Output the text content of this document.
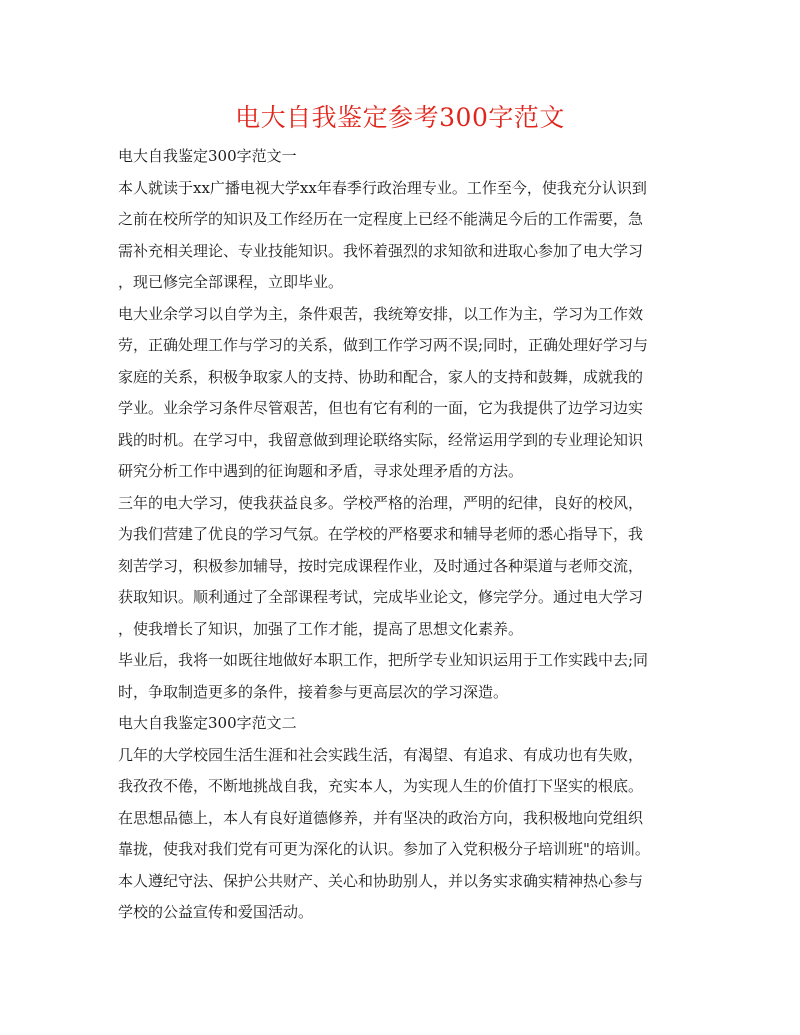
电大自我鉴定参考300字范文
电大自我鉴定300字范文一
本人就读于xx广播电视大学xx年春季行政治理专业。工作至今，使我充分认识到
之前在校所学的知识及工作经历在一定程度上已经不能满足今后的工作需要，急
需补充相关理论、专业技能知识。我怀着强烈的求知欲和进取心参加了电大学习
，现已修完全部课程，立即毕业。
电大业余学习以自学为主，条件艰苦，我统筹安排，以工作为主，学习为工作效
劳，正确处理工作与学习的关系，做到工作学习两不误;同时，正确处理好学习与
家庭的关系，积极争取家人的支持、协助和配合，家人的支持和鼓舞，成就我的
学业。业余学习条件尽管艰苦，但也有它有利的一面，它为我提供了边学习边实
践的时机。在学习中，我留意做到理论联络实际，经常运用学到的专业理论知识
研究分析工作中遇到的征询题和矛盾，寻求处理矛盾的方法。
三年的电大学习，使我获益良多。学校严格的治理，严明的纪律，良好的校风，
为我们营建了优良的学习气氛。在学校的严格要求和辅导老师的悉心指导下，我
刻苦学习，积极参加辅导，按时完成课程作业，及时通过各种渠道与老师交流，
获取知识。顺利通过了全部课程考试，完成毕业论文，修完学分。通过电大学习
，使我增长了知识，加强了工作才能，提高了思想文化素养。
毕业后，我将一如既往地做好本职工作，把所学专业知识运用于工作实践中去;同
时，争取制造更多的条件，接着参与更高层次的学习深造。
电大自我鉴定300字范文二
几年的大学校园生活生涯和社会实践生活，有渴望、有追求、有成功也有失败，
我孜孜不倦，不断地挑战自我，充实本人，为实现人生的价值打下坚实的根底。
在思想品德上，本人有良好道德修养，并有坚决的政治方向，我积极地向党组织
靠拢，使我对我们党有可更为深化的认识。参加了入党积极分子培训班"的培训。
本人遵纪守法、保护公共财产、关心和协助别人，并以务实求确实精神热心参与
学校的公益宣传和爱国活动。
